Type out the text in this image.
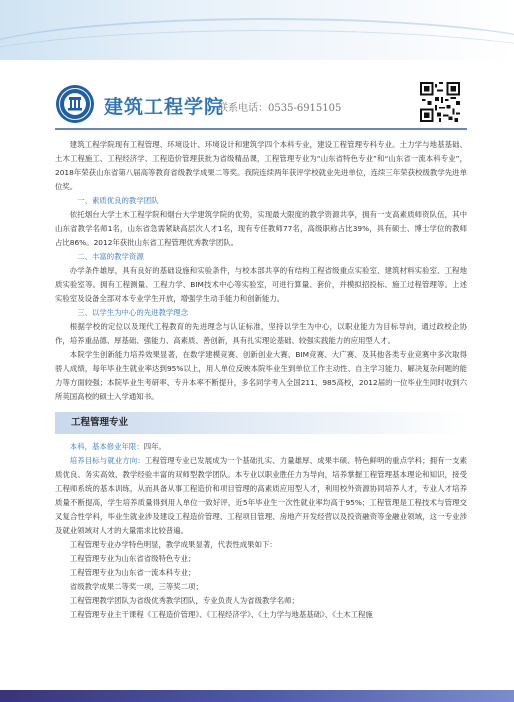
建筑工程学院
联系电话：0535-6915105

建筑工程学院现有工程管理、环境设计、环境设计和建筑学四个本科专业，建设工程管理专科专业。土力学与地基基础、土木工程施工、工程经济学、工程造价管理获批为省级精品课，工程管理专业为“山东省特色专业”和“山东省一流本科专业”，2018年荣获山东省第八届高等教育省级教学成果二等奖。我院连续两年获评学校就业先进单位，连续三年荣获校级教学先进单位奖。

一、素质优良的教学团队

依托烟台大学土木工程学院和烟台大学建筑学院的优势，实现最大限度的教学资源共享，拥有一支高素质师资队伍，其中山东省教学名师1名，山东省急需紧缺高层次人才1名，现有专任教师77名，高级职称占比39%，具有硕士、博士学位的教师占比86%。2012年获批山东省工程管理优秀教学团队。

二、丰富的教学资源

办学条件雄厚，具有良好的基础设施和实验条件，与校本部共享的有结构工程省级重点实验室、建筑材料实验室、工程地质实验室等。拥有工程测量、工程力学、BIM技术中心等实验室，可进行算量、套价，并模拟招投标、施工过程管理等。上述实验室及设备全部对本专业学生开放，增强学生动手能力和创新能力。

三、以学生为中心的先进教学理念

根据学校的定位以及现代工程教育的先进理念与认证标准，坚持以学生为中心，以职业能力为目标导向，通过政校企协作，培养重品德、厚基础、强能力、高素质、善创新，具有扎实理论基础、较强实践能力的应用型人才。

本院学生创新能力培养效果显著，在数学建模竞赛、创新创业大赛、BIM竞赛、大广赛、及其他各类专业竞赛中多次取得骄人成绩，每年毕业生就业率达到95%以上，用人单位反映本院毕业生到单位工作主动性、自主学习能力、解决复杂问题的能力等方面较强；本院毕业生考研率、专升本率不断提升，多名同学考入全国211、985高校，2012届的一位毕业生同时收到六所英国高校的硕士入学通知书。

工程管理专业

本科，基本修业年限：四年。

培养目标与就业方向：工程管理专业已发展成为一个基础扎实、力量雄厚、成果丰硕、特色鲜明的重点学科；拥有一支素质优良、务实高效、教学经验丰富的双师型教学团队。本专业以职业胜任力为导向，培养掌握工程管理基本理论和知识，接受工程师系统的基本训练，从而具备从事工程造价和项目管理的高素质应用型人才，利用校外资源协同培养人才，专业人才培养质量不断提高，学生培养质量得到用人单位一致好评，近5年毕业生一次性就业率均高于95%；工程管理是工程技术与管理交叉复合性学科，毕业生就业涉及建设工程造价管理、工程项目管理、房地产开发经营以及投资融资等金融业领域，这一专业涉及就业领域对人才的大量需求比较普遍。

工程管理专业办学特色明显，教学成果显著，代表性成果如下：

工程管理专业为山东省省级特色专业；

工程管理专业为山东省一流本科专业；

省级教学成果二等奖一项，三等奖二项；

工程管理教学团队为省级优秀教学团队，专业负责人为省级教学名师；

工程管理专业主干课程《工程造价管理》、《工程经济学》、《土力学与地基基础》、《土木工程施
